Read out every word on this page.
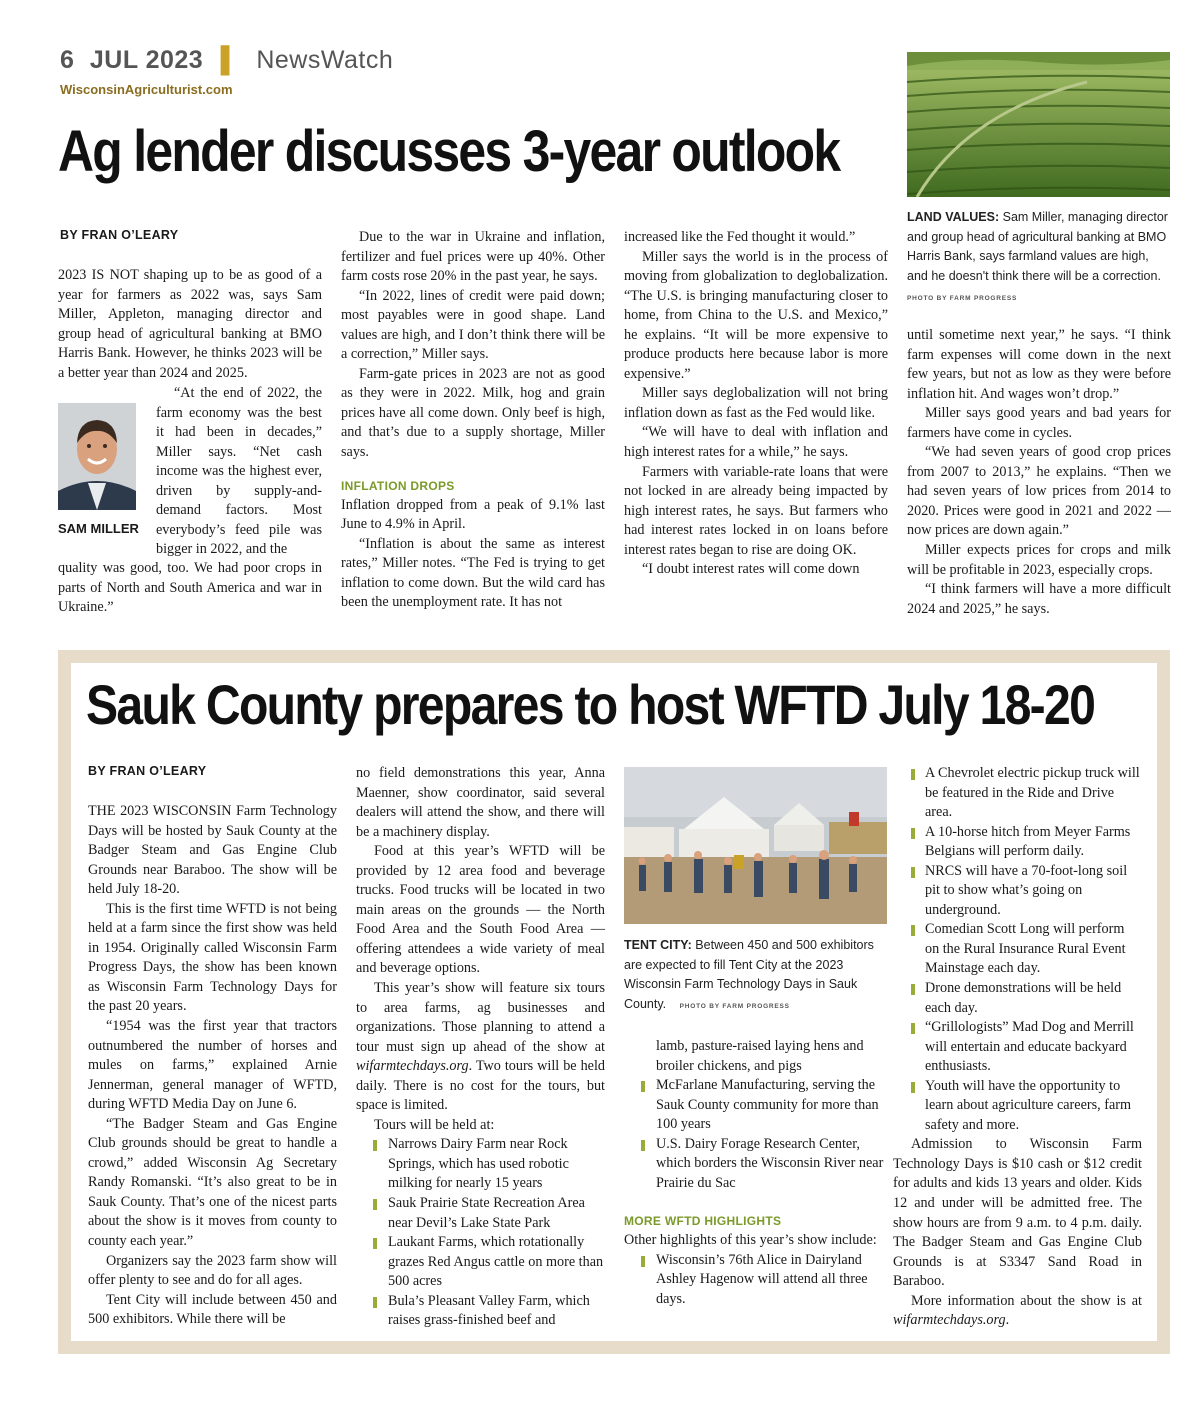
6 JUL 2023 ▌ NewsWatch
WisconsinAgriculturist.com
Ag lender discusses 3-year outlook
LAND VALUES: Sam Miller, managing director and group head of agricultural banking at BMO Harris Bank, says farmland values are high, and he doesn't think there will be a correction.
PHOTO BY FARM PROGRESS
BY FRAN O’LEARY

2023 IS NOT shaping up to be as good of a year for farmers as 2022 was, says Sam Miller, Appleton, managing director and group head of agricultural banking at BMO Harris Bank. However, he thinks 2023 will be a better year than 2024 and 2025.

“At the end of 2022, the farm economy was the best it had been in decades,” Miller says. “Net cash income was the highest ever, driven by supply-and-demand factors. Most everybody’s feed pile was bigger in 2022, and the

SAM MILLER

quality was good, too. We had poor crops in parts of North and South America and war in Ukraine.”

Due to the war in Ukraine and inflation, fertilizer and fuel prices were up 40%. Other farm costs rose 20% in the past year, he says.

“In 2022, lines of credit were paid down; most payables were in good shape. Land values are high, and I don’t think there will be a correction,” Miller says.

Farm-gate prices in 2023 are not as good as they were in 2022. Milk, hog and grain prices have all come down. Only beef is high, and that’s due to a supply shortage, Miller says.

INFLATION DROPS

Inflation dropped from a peak of 9.1% last June to 4.9% in April.

“Inflation is about the same as interest rates,” Miller notes. “The Fed is trying to get inflation to come down. But the wild card has been the unemployment rate. It has not

increased like the Fed thought it would.”

Miller says the world is in the process of moving from globalization to deglobalization. “The U.S. is bringing manufacturing closer to home, from China to the U.S. and Mexico,” he explains. “It will be more expensive to produce products here because labor is more expensive.”

Miller says deglobalization will not bring inflation down as fast as the Fed would like.

“We will have to deal with inflation and high interest rates for a while,” he says.

Farmers with variable-rate loans that were not locked in are already being impacted by high interest rates, he says. But farmers who had interest rates locked in on loans before interest rates began to rise are doing OK.

“I doubt interest rates will come down

until sometime next year,” he says. “I think farm expenses will come down in the next few years, but not as low as they were before inflation hit. And wages won’t drop.”

Miller says good years and bad years for farmers have come in cycles.

“We had seven years of good crop prices from 2007 to 2013,” he explains. “Then we had seven years of low prices from 2014 to 2020. Prices were good in 2021 and 2022 — now prices are down again.”

Miller expects prices for crops and milk will be profitable in 2023, especially crops.

“I think farmers will have a more difficult 2024 and 2025,” he says.

Sauk County prepares to host WFTD July 18-20
BY FRAN O’LEARY

THE 2023 WISCONSIN Farm Technology Days will be hosted by Sauk County at the Badger Steam and Gas Engine Club Grounds near Baraboo. The show will be held July 18-20.

This is the first time WFTD is not being held at a farm since the first show was held in 1954. Originally called Wisconsin Farm Progress Days, the show has been known as Wisconsin Farm Technology Days for the past 20 years.

“1954 was the first year that tractors outnumbered the number of horses and mules on farms,” explained Arnie Jennerman, general manager of WFTD, during WFTD Media Day on June 6.

“The Badger Steam and Gas Engine Club grounds should be great to handle a crowd,” added Wisconsin Ag Secretary Randy Romanski. “It’s also great to be in Sauk County. That’s one of the nicest parts about the show is it moves from county to county each year.”

Organizers say the 2023 farm show will offer plenty to see and do for all ages.

Tent City will include between 450 and 500 exhibitors. While there will be

no field demonstrations this year, Anna Maenner, show coordinator, said several dealers will attend the show, and there will be a machinery display.

Food at this year’s WFTD will be provided by 12 area food and beverage trucks. Food trucks will be located in two main areas on the grounds — the North Food Area and the South Food Area — offering attendees a wide variety of meal and beverage options.

This year’s show will feature six tours to area farms, ag businesses and organizations. Those planning to attend a tour must sign up ahead of the show at wifarmtechdays.org. Two tours will be held daily. There is no cost for the tours, but space is limited.

Tours will be held at:

Narrows Dairy Farm near Rock Springs, which has used robotic milking for nearly 15 years
Sauk Prairie State Recreation Area near Devil’s Lake State Park
Laukant Farms, which rotationally grazes Red Angus cattle on more than 500 acres
Bula’s Pleasant Valley Farm, which raises grass-finished beef and
TENT CITY: Between 450 and 500 exhibitors are expected to fill Tent City at the 2023 Wisconsin Farm Technology Days in Sauk County. PHOTO BY FARM PROGRESS

lamb, pasture-raised laying hens and broiler chickens, and pigs

McFarlane Manufacturing, serving the Sauk County community for more than 100 years
U.S. Dairy Forage Research Center, which borders the Wisconsin River near Prairie du Sac
MORE WFTD HIGHLIGHTS

Other highlights of this year’s show include:

Wisconsin’s 76th Alice in Dairyland Ashley Hagenow will attend all three days.
A Chevrolet electric pickup truck will be featured in the Ride and Drive area.
A 10-horse hitch from Meyer Farms Belgians will perform daily.
NRCS will have a 70-foot-long soil pit to show what’s going on underground.
Comedian Scott Long will perform on the Rural Insurance Rural Event Mainstage each day.
Drone demonstrations will be held each day.
“Grillologists” Mad Dog and Merrill will entertain and educate backyard enthusiasts.
Youth will have the opportunity to learn about agriculture careers, farm safety and more.

Admission to Wisconsin Farm Technology Days is $10 cash or $12 credit for adults and kids 13 years and older. Kids 12 and under will be admitted free. The show hours are from 9 a.m. to 4 p.m. daily. The Badger Steam and Gas Engine Club Grounds is at S3347 Sand Road in Baraboo.

More information about the show is at wifarmtechdays.org.
